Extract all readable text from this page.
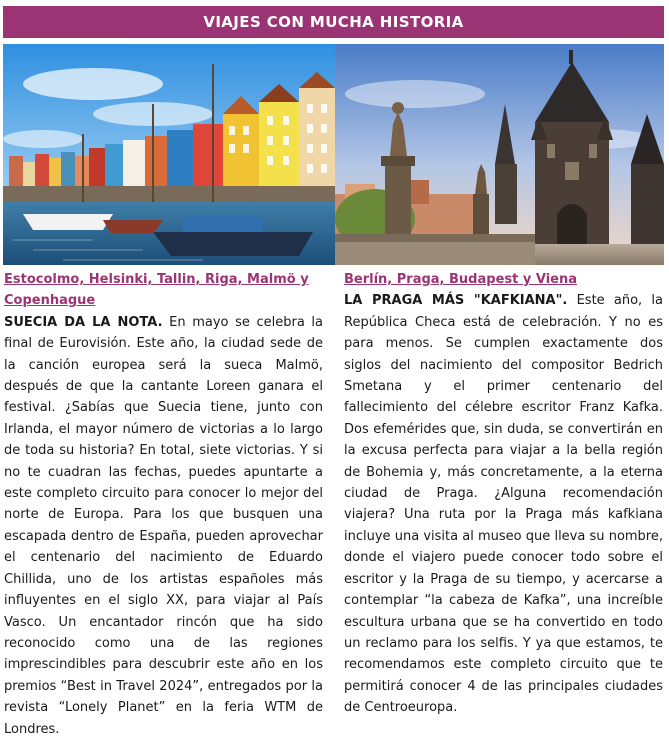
VIAJES CON MUCHA HISTORIA
Estocolmo, Helsinki, Tallin, Riga, Malmö y Copenhague

SUECIA DA LA NOTA. En mayo se celebra la final de Eurovisión. Este año, la ciudad sede de la canción europea será la sueca Malmö, después de que la cantante Loreen ganara el festival. ¿Sabías que Suecia tiene, junto con Irlanda, el mayor número de victorias a lo largo de toda su historia? En total, siete victorias. Y si no te cuadran las fechas, puedes apuntarte a este completo circuito para conocer lo mejor del norte de Europa. Para los que busquen una escapada dentro de España, pueden aprovechar el centenario del nacimiento de Eduardo Chillida, uno de los artistas españoles más influyentes en el siglo XX, para viajar al País Vasco. Un encantador rincón que ha sido reconocido como una de las regiones imprescindibles para descubrir este año en los premios “Best in Travel 2024”, entregados por la revista “Lonely Planet” en la feria WTM de Londres.

Berlín, Praga, Budapest y Viena

LA PRAGA MÁS "KAFKIANA". Este año, la República Checa está de celebración. Y no es para menos. Se cumplen exactamente dos siglos del nacimiento del compositor Bedrich Smetana y el primer centenario del fallecimiento del célebre escritor Franz Kafka. Dos efemérides que, sin duda, se convertirán en la excusa perfecta para viajar a la bella región de Bohemia y, más concretamente, a la eterna ciudad de Praga. ¿Alguna recomendación viajera? Una ruta por la Praga más kafkiana incluye una visita al museo que lleva su nombre, donde el viajero puede conocer todo sobre el escritor y la Praga de su tiempo, y acercarse a contemplar “la cabeza de Kafka”, una increíble escultura urbana que se ha convertido en todo un reclamo para los selfis. Y ya que estamos, te recomendamos este completo circuito que te permitirá conocer 4 de las principales ciudades de Centroeuropa.
